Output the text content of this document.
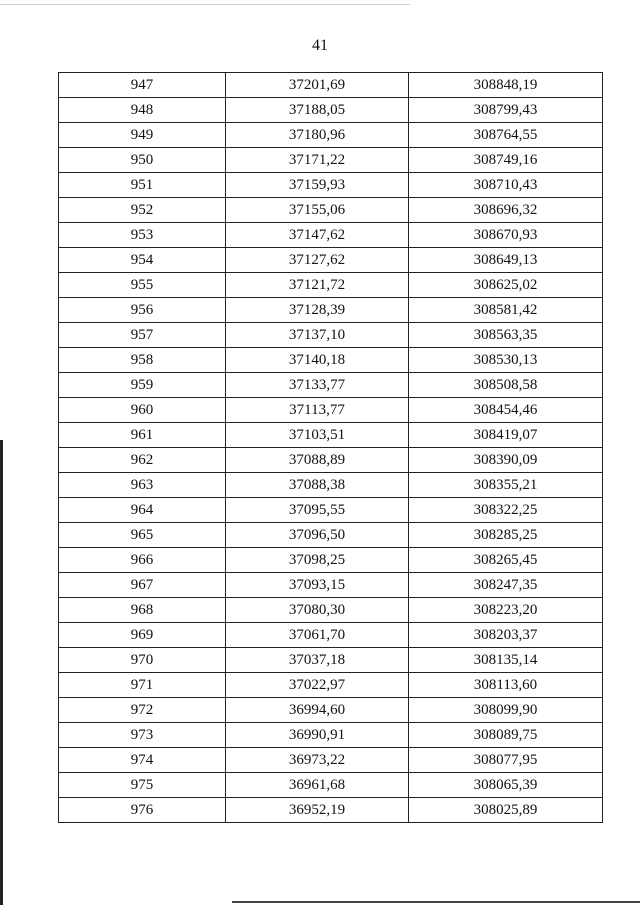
41
947	37201,69	308848,19
948	37188,05	308799,43
949	37180,96	308764,55
950	37171,22	308749,16
951	37159,93	308710,43
952	37155,06	308696,32
953	37147,62	308670,93
954	37127,62	308649,13
955	37121,72	308625,02
956	37128,39	308581,42
957	37137,10	308563,35
958	37140,18	308530,13
959	37133,77	308508,58
960	37113,77	308454,46
961	37103,51	308419,07
962	37088,89	308390,09
963	37088,38	308355,21
964	37095,55	308322,25
965	37096,50	308285,25
966	37098,25	308265,45
967	37093,15	308247,35
968	37080,30	308223,20
969	37061,70	308203,37
970	37037,18	308135,14
971	37022,97	308113,60
972	36994,60	308099,90
973	36990,91	308089,75
974	36973,22	308077,95
975	36961,68	308065,39
976	36952,19	308025,89
